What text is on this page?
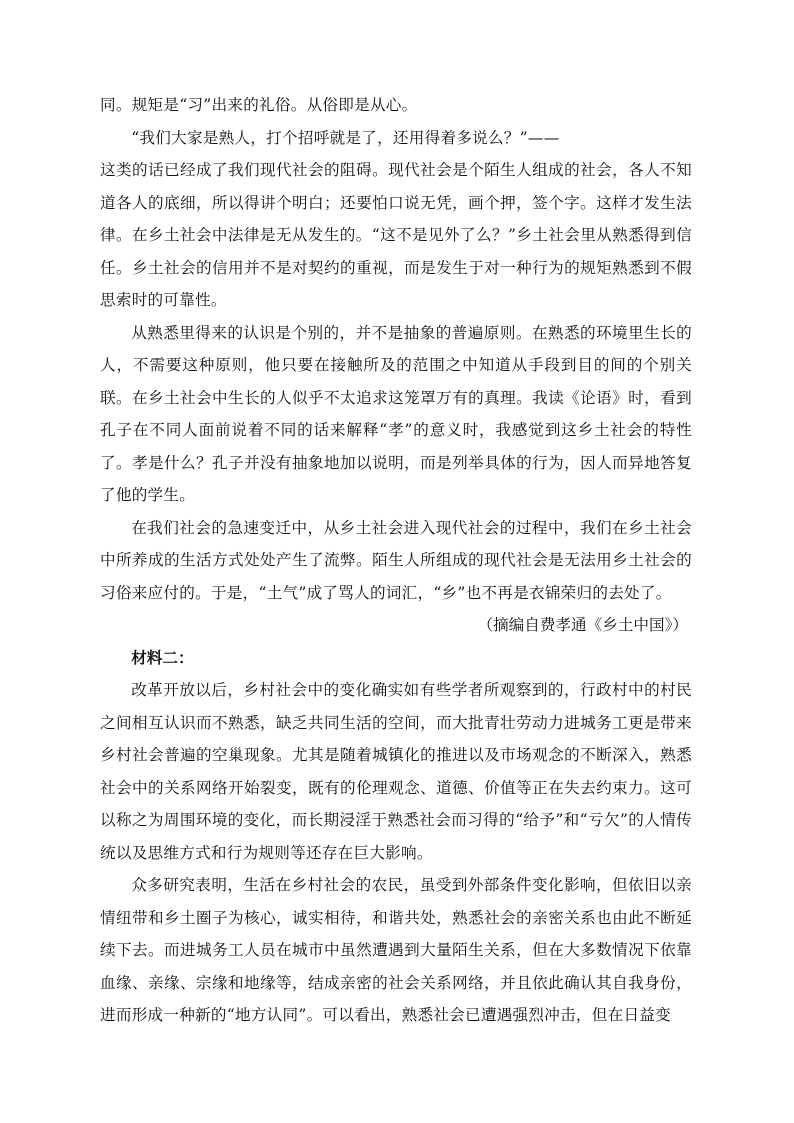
同。规矩是“习”出来的礼俗。从俗即是从心。

“我们大家是熟人，打个招呼就是了，还用得着多说么？”——

这类的话已经成了我们现代社会的阻碍。现代社会是个陌生人组成的社会，各人不知道各人的底细，所以得讲个明白；还要怕口说无凭，画个押，签个字。这样才发生法律。在乡土社会中法律是无从发生的。“这不是见外了么？”乡土社会里从熟悉得到信任。乡土社会的信用并不是对契约的重视，而是发生于对一种行为的规矩熟悉到不假思索时的可靠性。

从熟悉里得来的认识是个别的，并不是抽象的普遍原则。在熟悉的环境里生长的人，不需要这种原则，他只要在接触所及的范围之中知道从手段到目的间的个别关联。在乡土社会中生长的人似乎不太追求这笼罩万有的真理。我读《论语》时，看到孔子在不同人面前说着不同的话来解释“孝”的意义时，我感觉到这乡土社会的特性了。孝是什么？孔子并没有抽象地加以说明，而是列举具体的行为，因人而异地答复了他的学生。

在我们社会的急速变迁中，从乡土社会进入现代社会的过程中，我们在乡土社会中所养成的生活方式处处产生了流弊。陌生人所组成的现代社会是无法用乡土社会的习俗来应付的。于是，“土气”成了骂人的词汇，“乡”也不再是衣锦荣归的去处了。

（摘编自费孝通《乡土中国》）

材料二：

改革开放以后，乡村社会中的变化确实如有些学者所观察到的，行政村中的村民之间相互认识而不熟悉，缺乏共同生活的空间，而大批青壮劳动力进城务工更是带来乡村社会普遍的空巢现象。尤其是随着城镇化的推进以及市场观念的不断深入，熟悉社会中的关系网络开始裂变，既有的伦理观念、道德、价值等正在失去约束力。这可以称之为周围环境的变化，而长期浸淫于熟悉社会而习得的“给予”和“亏欠”的人情传统以及思维方式和行为规则等还存在巨大影响。

众多研究表明，生活在乡村社会的农民，虽受到外部条件变化影响，但依旧以亲情纽带和乡土圈子为核心，诚实相待，和谐共处，熟悉社会的亲密关系也由此不断延续下去。而进城务工人员在城市中虽然遭遇到大量陌生关系，但在大多数情况下依靠血缘、亲缘、宗缘和地缘等，结成亲密的社会关系网络，并且依此确认其自我身份，进而形成一种新的“地方认同”。可以看出，熟悉社会已遭遇强烈冲击，但在日益变
